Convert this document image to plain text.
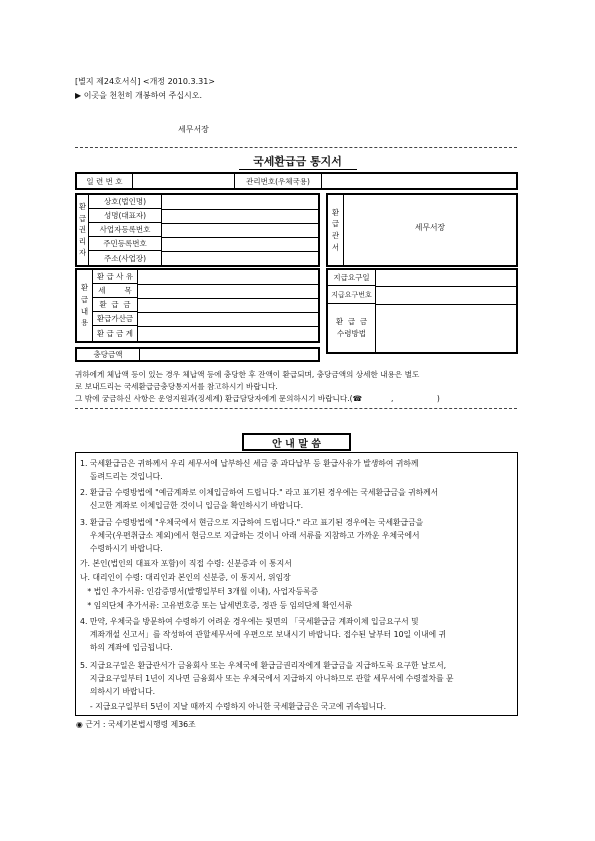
[별지 제24호서식] <개정 2010.3.31>
▶ 이곳을 천천히 개봉하여 주십시오.
세무서장
국세환급금 통지서
일 련 번 호	관리번호(우체국용)
환
급
권
리
자
상호(법인명)
성명(대표자)
사업자등록번호
주민등록번호
주소(사업장)
환
급
관
서
세무서장
환
급
내
용
환 급 사 유
세        목
환  급  금
환급가산금
환 급 금 계
지급요구일
지급요구번호
환  급  금
수령방법
충당금액
귀하에게 체납액 등이 있는 경우 체납액 등에 충당한 후 잔액이 환급되며, 충당금액의 상세한 내용은 별도
로 보내드리는 국세환급금충당통지서를 참고하시기 바랍니다.
그 밖에 궁금하신 사항은 운영지원과(징세계) 환급담당자에게 문의하시기 바랍니다.(☎            ,                  )
안 내 말 씀
1. 국세환급금은 귀하께서 우리 세무서에 납부하신 세금 중 과다납부 등 환급사유가 발생하여 귀하께
돌려드리는 것입니다.
2. 환급금 수령방법에 "예금계좌로 이체입금하여 드립니다." 라고 표기된 경우에는 국세환급금을 귀하께서
신고한 계좌로 이체입금한 것이니 입금을 확인하시기 바랍니다.
3. 환급금 수령방법에 "우체국에서 현금으로 지급하여 드립니다." 라고 표기된 경우에는 국세환급금을
우체국(우편취급소 제외)에서 현금으로 지급하는 것이니 아래 서류를 지참하고 가까운 우체국에서
수령하시기 바랍니다.
가. 본인(법인의 대표자 포함)이 직접 수령: 신분증과 이 통지서
나. 대리인이 수령: 대리인과 본인의 신분증, 이 통지서, 위임장
* 법인 추가서류: 인감증명서(발행일부터 3개월 이내), 사업자등록증
* 임의단체 추가서류: 고유번호증 또는 납세번호증, 정관 등 임의단체 확인서류
4. 만약, 우체국을 방문하여 수령하기 어려운 경우에는 뒷면의 「국세환급금 계좌이체 입금요구서 및
계좌개설 신고서」를 작성하여 관할세무서에 우편으로 보내시기 바랍니다. 접수된 날부터 10일 이내에 귀
하의 계좌에 입금됩니다.
5. 지급요구일은 환급관서가 금융회사 또는 우체국에 환급금권리자에게 환급금을 지급하도록 요구한 날로서,
지급요구일부터 1년이 지나면 금융회사 또는 우체국에서 지급하지 아니하므로 관할 세무서에 수령절차를 문
의하시기 바랍니다.
- 지급요구일부터 5년이 지날 때까지 수령하지 아니한 국세환급금은 국고에 귀속됩니다.
◉ 근거 : 국세기본법시행령 제36조
